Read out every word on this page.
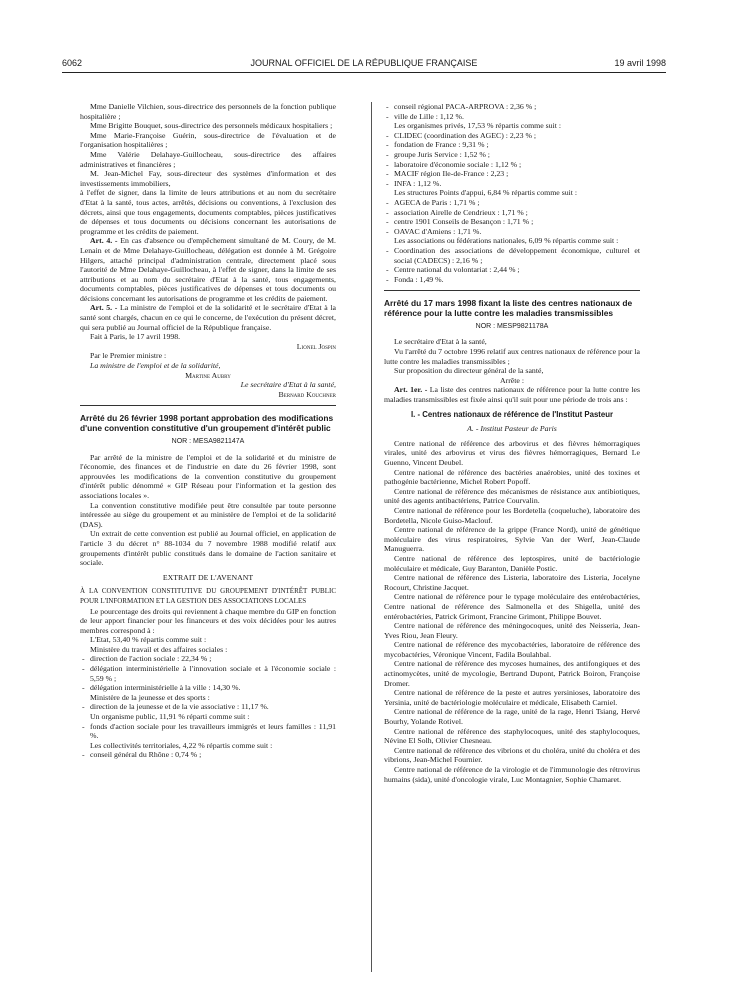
6062	JOURNAL OFFICIEL DE LA RÉPUBLIQUE FRANÇAISE	19 avril 1998

Mme Danielle Vilchien, sous-directrice des personnels de la fonction publique hospitalière ;

Mme Brigitte Bouquet, sous-directrice des personnels médicaux hospitaliers ;

Mme Marie-Françoise Guérin, sous-directrice de l'évaluation et de l'organisation hospitalières ;

Mme Valérie Delahaye-Guillocheau, sous-directrice des affaires administratives et financières ;

M. Jean-Michel Fay, sous-directeur des systèmes d'information et des investissements immobiliers,

à l'effet de signer, dans la limite de leurs attributions et au nom du secrétaire d'Etat à la santé, tous actes, arrêtés, décisions ou conventions, à l'exclusion des décrets, ainsi que tous engagements, documents comptables, pièces justificatives de dépenses et tous documents ou décisions concernant les autorisations de programme et les crédits de paiement.

Art. 4. - En cas d'absence ou d'empêchement simultané de M. Coury, de M. Lenain et de Mme Delahaye-Guillocheau, délégation est donnée à M. Grégoire Hilgers, attaché principal d'administration centrale, directement placé sous l'autorité de Mme Delahaye-Guillocheau, à l'effet de signer, dans la limite de ses attributions et au nom du secrétaire d'Etat à la santé, tous engagements, documents comptables, pièces justificatives de dépenses et tous documents ou décisions concernant les autorisations de programme et les crédits de paiement.

Art. 5. - La ministre de l'emploi et de la solidarité et le secrétaire d'Etat à la santé sont chargés, chacun en ce qui le concerne, de l'exécution du présent décret, qui sera publié au Journal officiel de la République française.

Fait à Paris, le 17 avril 1998.

Lionel Jospin

Par le Premier ministre :

La ministre de l'emploi et de la solidarité,

Martine Aubry

Le secrétaire d'Etat à la santé,

Bernard Kouchner

Arrêté du 26 février 1998 portant approbation des modifications d'une convention constitutive d'un groupement d'intérêt public
NOR : MESA9821147A

Par arrêté de la ministre de l'emploi et de la solidarité et du ministre de l'économie, des finances et de l'industrie en date du 26 février 1998, sont approuvées les modifications de la convention constitutive du groupement d'intérêt public dénommé « GIP Réseau pour l'information et la gestion des associations locales ».

La convention constitutive modifiée peut être consultée par toute personne intéressée au siège du groupement et au ministère de l'emploi et de la solidarité (DAS).

Un extrait de cette convention est publié au Journal officiel, en application de l'article 3 du décret n° 88-1034 du 7 novembre 1988 modifié relatif aux groupements d'intérêt public constitués dans le domaine de l'action sanitaire et sociale.

EXTRAIT DE L'AVENANT

À LA CONVENTION CONSTITUTIVE DU GROUPEMENT D'INTÉRÊT PUBLIC POUR L'INFORMATION ET LA GESTION DES ASSOCIATIONS LOCALES

Le pourcentage des droits qui reviennent à chaque membre du GIP en fonction de leur apport financier pour les financeurs et des voix décidées pour les autres membres correspond à :

L'Etat, 53,40 % répartis comme suit :

Ministère du travail et des affaires sociales :

- direction de l'action sociale : 22,34 % ;

- délégation interministérielle à l'innovation sociale et à l'économie sociale : 5,59 % ;

- délégation interministérielle à la ville : 14,30 %.

Ministère de la jeunesse et des sports :

- direction de la jeunesse et de la vie associative : 11,17 %.

Un organisme public, 11,91 % réparti comme suit :

- fonds d'action sociale pour les travailleurs immigrés et leurs familles : 11,91 %.

Les collectivités territoriales, 4,22 % répartis comme suit :

- conseil général du Rhône : 0,74 % ;

- conseil régional PACA-ARPROVA : 2,36 % ;

- ville de Lille : 1,12 %.

Les organismes privés, 17,53 % répartis comme suit :

- CLIDEC (coordination des AGEC) : 2,23 % ;

- fondation de France : 9,31 % ;

- groupe Juris Service : 1,52 % ;

- laboratoire d'économie sociale : 1,12 % ;

- MACIF région Ile-de-France : 2,23 ;

- INFA : 1,12 %.

Les structures Points d'appui, 6,84 % répartis comme suit :

- AGECA de Paris : 1,71 % ;

- association Airelle de Cendrieux : 1,71 % ;

- centre 1901 Conseils de Besançon : 1,71 % ;

- OAVAC d'Amiens : 1,71 %.

Les associations ou fédérations nationales, 6,09 % répartis comme suit :

- Coordination des associations de développement économique, culturel et social (CADECS) : 2,16 % ;

- Centre national du volontariat : 2,44 % ;

- Fonda : 1,49 %.

Arrêté du 17 mars 1998 fixant la liste des centres nationaux de référence pour la lutte contre les maladies transmissibles
NOR : MESP9821178A

Le secrétaire d'Etat à la santé,

Vu l'arrêté du 7 octobre 1996 relatif aux centres nationaux de référence pour la lutte contre les maladies transmissibles ;

Sur proposition du directeur général de la santé,

Arrête :

Art. 1er. - La liste des centres nationaux de référence pour la lutte contre les maladies transmissibles est fixée ainsi qu'il suit pour une période de trois ans :

I. - Centres nationaux de référence de l'Institut Pasteur

A. - Institut Pasteur de Paris

Centre national de référence des arbovirus et des fièvres hémorragiques virales, unité des arbovirus et virus des fièvres hémorragiques, Bernard Le Guenno, Vincent Deubel.

Centre national de référence des bactéries anaérobies, unité des toxines et pathogénie bactérienne, Michel Robert Popoff.

Centre national de référence des mécanismes de résistance aux antibiotiques, unité des agents antibactériens, Patrice Courvalin.

Centre national de référence pour les Bordetella (coqueluche), laboratoire des Bordetella, Nicole Guiso-Maclouf.

Centre national de référence de la grippe (France Nord), unité de génétique moléculaire des virus respiratoires, Sylvie Van der Werf, Jean-Claude Manuguerra.

Centre national de référence des leptospires, unité de bactériologie moléculaire et médicale, Guy Baranton, Danièle Postic.

Centre national de référence des Listeria, laboratoire des Listeria, Jocelyne Rocourt, Christine Jacquet.

Centre national de référence pour le typage moléculaire des entérobactéries, Centre national de référence des Salmonella et des Shigella, unité des entérobactéries, Patrick Grimont, Francine Grimont, Philippe Bouvet.

Centre national de référence des méningocoques, unité des Neisseria, Jean-Yves Riou, Jean Fleury.

Centre national de référence des mycobactéries, laboratoire de référence des mycobactéries, Véronique Vincent, Fadila Boulahbal.

Centre national de référence des mycoses humaines, des antifongiques et des actinomycètes, unité de mycologie, Bertrand Dupont, Patrick Boiron, Françoise Dromer.

Centre national de référence de la peste et autres yersinioses, laboratoire des Yersinia, unité de bactériologie moléculaire et médicale, Elisabeth Carniel.

Centre national de référence de la rage, unité de la rage, Henri Tsiang, Hervé Bourhy, Yolande Rotivel.

Centre national de référence des staphylocoques, unité des staphylocoques, Névine El Solh, Olivier Chesneau.

Centre national de référence des vibrions et du choléra, unité du choléra et des vibrions, Jean-Michel Fournier.

Centre national de référence de la virologie et de l'immunologie des rétrovirus humains (sida), unité d'oncologie virale, Luc Montagnier, Sophie Chamaret.
